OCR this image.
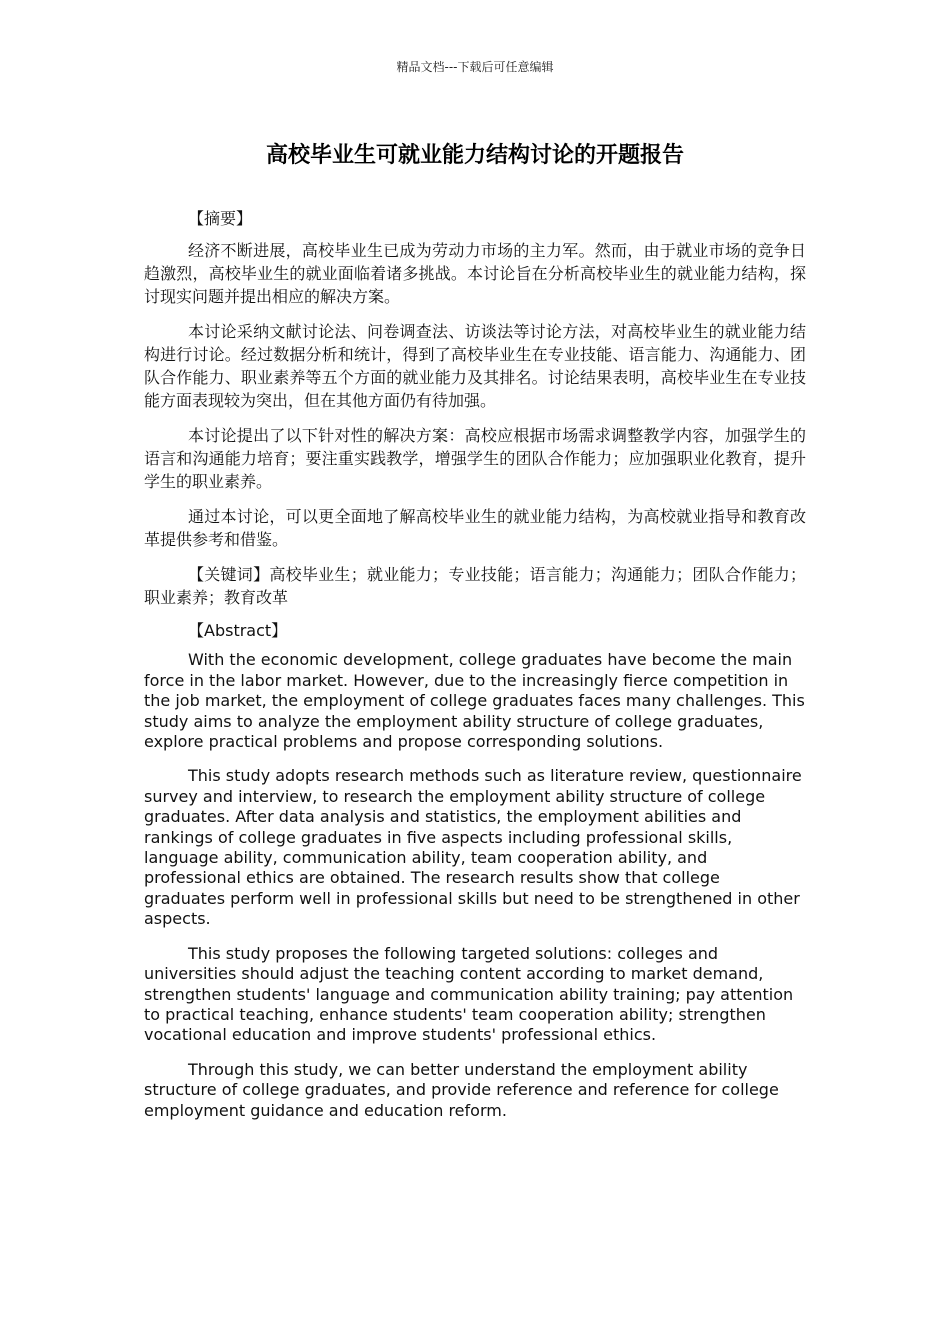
精品文档---下载后可任意编辑
高校毕业生可就业能力结构讨论的开题报告

【摘要】

经济不断进展，高校毕业生已成为劳动力市场的主力军。然而，由于就业市场的竞争日趋激烈，高校毕业生的就业面临着诸多挑战。本讨论旨在分析高校毕业生的就业能力结构，探讨现实问题并提出相应的解决方案。

本讨论采纳文献讨论法、问卷调查法、访谈法等讨论方法，对高校毕业生的就业能力结构进行讨论。经过数据分析和统计，得到了高校毕业生在专业技能、语言能力、沟通能力、团队合作能力、职业素养等五个方面的就业能力及其排名。讨论结果表明，高校毕业生在专业技能方面表现较为突出，但在其他方面仍有待加强。

本讨论提出了以下针对性的解决方案：高校应根据市场需求调整教学内容，加强学生的语言和沟通能力培育；要注重实践教学，增强学生的团队合作能力；应加强职业化教育，提升学生的职业素养。

通过本讨论，可以更全面地了解高校毕业生的就业能力结构，为高校就业指导和教育改革提供参考和借鉴。

【关键词】高校毕业生；就业能力；专业技能；语言能力；沟通能力；团队合作能力；职业素养；教育改革

【Abstract】

With the economic development, college graduates have become the main force in the labor market. However, due to the increasingly fierce competition in the job market, the employment of college graduates faces many challenges. This study aims to analyze the employment ability structure of college graduates, explore practical problems and propose corresponding solutions.

This study adopts research methods such as literature review, questionnaire survey and interview, to research the employment ability structure of college graduates. After data analysis and statistics, the employment abilities and rankings of college graduates in five aspects including professional skills, language ability, communication ability, team cooperation ability, and professional ethics are obtained. The research results show that college graduates perform well in professional skills but need to be strengthened in other aspects.

This study proposes the following targeted solutions: colleges and universities should adjust the teaching content according to market demand, strengthen students' language and communication ability training; pay attention to practical teaching, enhance students' team cooperation ability; strengthen vocational education and improve students' professional ethics.

Through this study, we can better understand the employment ability structure of college graduates, and provide reference and reference for college employment guidance and education reform.
